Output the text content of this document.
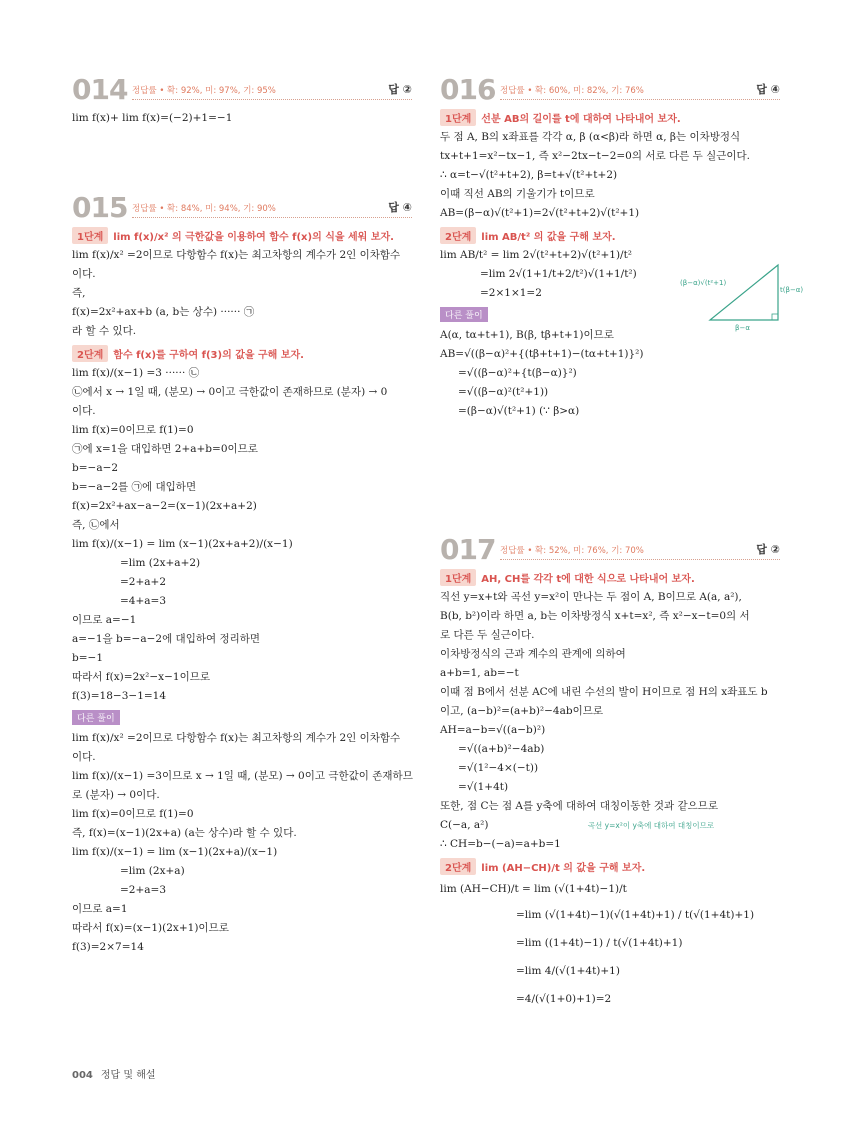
014 정답률 • 확: 92%, 미: 97%, 기: 95%	답 ②
lim f(x)+ lim f(x)=(−2)+1=−1
015 정답률 • 확: 84%, 미: 94%, 기: 90%	답 ④
1단계 lim f(x)/x² 의 극한값을 이용하여 함수 f(x)의 식을 세워 보자.
lim f(x)/x² =2이므로 다항함수 f(x)는 최고차항의 계수가 2인 이차함수
이다.
즉,
f(x)=2x²+ax+b (a, b는 상수) ······ ㉠
라 할 수 있다.
2단계 함수 f(x)를 구하여 f(3)의 값을 구해 보자.
lim f(x)/(x−1) =3 ······ ㉡
㉡에서 x → 1일 때, (분모) → 0이고 극한값이 존재하므로 (분자) → 0
이다.
lim f(x)=0이므로 f(1)=0
㉠에 x=1을 대입하면 2+a+b=0이므로
b=−a−2
b=−a−2를 ㉠에 대입하면
f(x)=2x²+ax−a−2=(x−1)(2x+a+2)
즉, ㉡에서
lim f(x)/(x−1) = lim (x−1)(2x+a+2)/(x−1)
=lim (2x+a+2)
=2+a+2
=4+a=3
이므로 a=−1
a=−1을 b=−a−2에 대입하여 정리하면
b=−1
따라서 f(x)=2x²−x−1이므로
f(3)=18−3−1=14
다른 풀이
lim f(x)/x² =2이므로 다항함수 f(x)는 최고차항의 계수가 2인 이차함수
이다.
lim f(x)/(x−1) =3이므로 x → 1일 때, (분모) → 0이고 극한값이 존재하므
로 (분자) → 0이다.
lim f(x)=0이므로 f(1)=0
즉, f(x)=(x−1)(2x+a) (a는 상수)라 할 수 있다.
lim f(x)/(x−1) = lim (x−1)(2x+a)/(x−1)
=lim (2x+a)
=2+a=3
이므로 a=1
따라서 f(x)=(x−1)(2x+1)이므로
f(3)=2×7=14
016 정답률 • 확: 60%, 미: 82%, 기: 76%	답 ④
1단계 선분 AB의 길이를 t에 대하여 나타내어 보자.
두 점 A, B의 x좌표를 각각 α, β (α<β)라 하면 α, β는 이차방정식
tx+t+1=x²−tx−1, 즉 x²−2tx−t−2=0의 서로 다른 두 실근이다.
∴ α=t−√(t²+t+2), β=t+√(t²+t+2)
이때 직선 AB의 기울기가 t이므로
AB=(β−α)√(t²+1)=2√(t²+t+2)√(t²+1)
(β−α)√(t²+1)
t(β−α)
β−α
2단계 lim AB/t² 의 값을 구해 보자.
lim AB/t² = lim 2√(t²+t+2)√(t²+1)/t²
=lim 2√(1+1/t+2/t²)√(1+1/t²)
=2×1×1=2
다른 풀이
A(α, tα+t+1), B(β, tβ+t+1)이므로
AB=√((β−α)²+{(tβ+t+1)−(tα+t+1)}²)
=√((β−α)²+{t(β−α)}²)
=√((β−α)²(t²+1))
=(β−α)√(t²+1) (∵ β>α)
017 정답률 • 확: 52%, 미: 76%, 기: 70%	답 ②
1단계 AH, CH를 각각 t에 대한 식으로 나타내어 보자.
직선 y=x+t와 곡선 y=x²이 만나는 두 점이 A, B이므로 A(a, a²),
B(b, b²)이라 하면 a, b는 이차방정식 x+t=x², 즉 x²−x−t=0의 서
로 다른 두 실근이다.
이차방정식의 근과 계수의 관계에 의하여
a+b=1, ab=−t
이때 점 B에서 선분 AC에 내린 수선의 발이 H이므로 점 H의 x좌표도 b
이고, (a−b)²=(a+b)²−4ab이므로
AH=a−b=√((a−b)²)
=√((a+b)²−4ab)
=√(1²−4×(−t))
=√(1+4t)
또한, 점 C는 점 A를 y축에 대하여 대칭이동한 것과 같으므로
C(−a, a²)	곡선 y=x²이 y축에 대하여 대칭이므로
∴ CH=b−(−a)=a+b=1
2단계 lim (AH−CH)/t 의 값을 구해 보자.
lim (AH−CH)/t = lim (√(1+4t)−1)/t
=lim (√(1+4t)−1)(√(1+4t)+1) / t(√(1+4t)+1)
=lim ((1+4t)−1) / t(√(1+4t)+1)
=lim 4/(√(1+4t)+1)
=4/(√(1+0)+1)=2
004 정답 및 해설
